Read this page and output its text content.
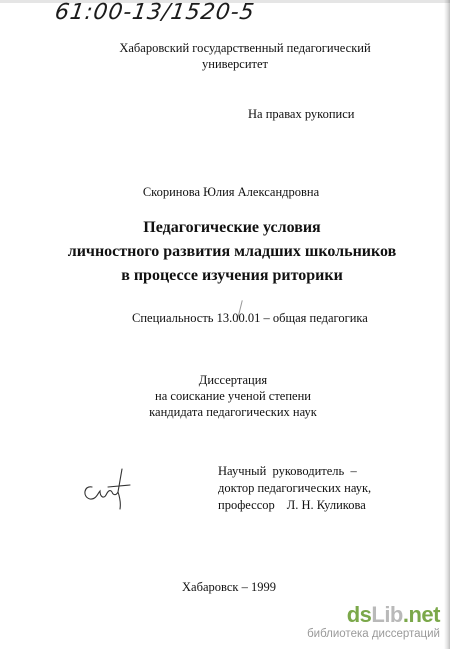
61:00-13/1520-5
Хабаровский государственный педагогический
университет
На правах рукописи
Скоринова Юлия Александровна
Педагогические условия
личностного развития младших школьников
в процессе изучения риторики
Специальность 13.00.01 – общая педагогика
Диссертация
на соискание ученой степени
кандидата педагогических наук
Научный  руководитель  –
доктор педагогических наук,
профессор Л. Н. Куликова
Хабаровск – 1999
dsLib.net
библиотека диссертаций
